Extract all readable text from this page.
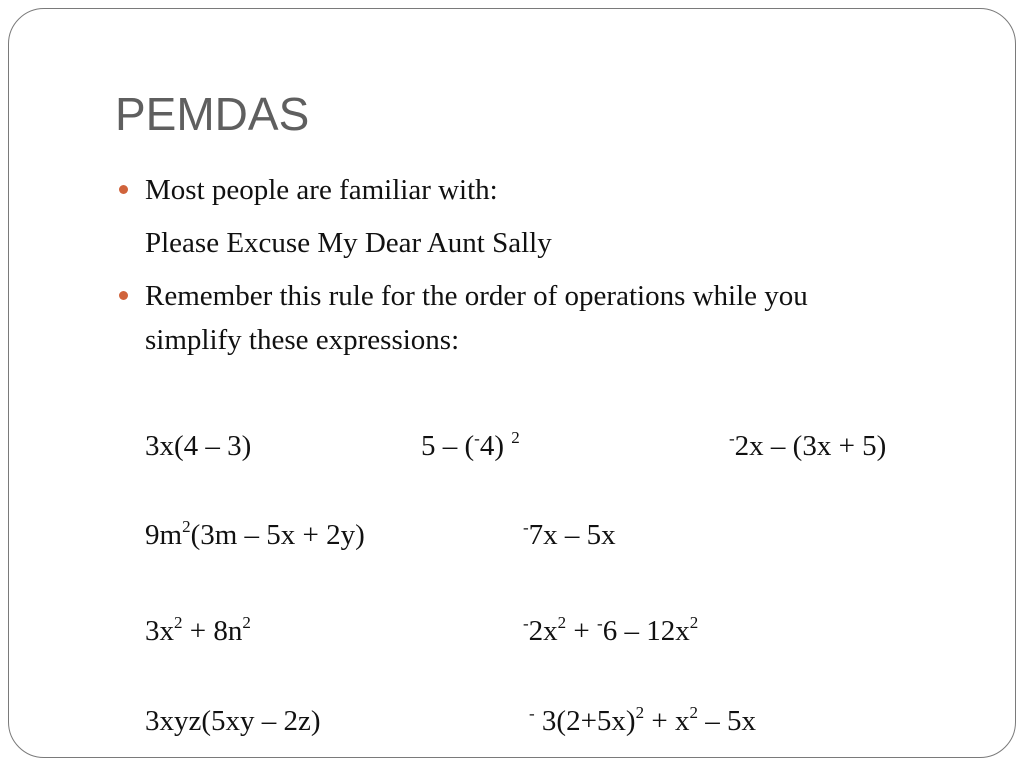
PEMDAS
Most people are familiar with:
Please Excuse My Dear Aunt Sally
Remember this rule for the order of operations while you
simplify these expressions:
3x(4 – 3)	5 – (-4) $^2$	-2x – (3x + 5)
$9m^2(3m - 5x + 2y)$	-7x – 5x
$3x^2 + 8n^2$	$^-2x^2 + ^-6 - 12x^2$
3xyz(5xy – 2z)	- $3(2+5x)^2 + x^2 - 5x$
